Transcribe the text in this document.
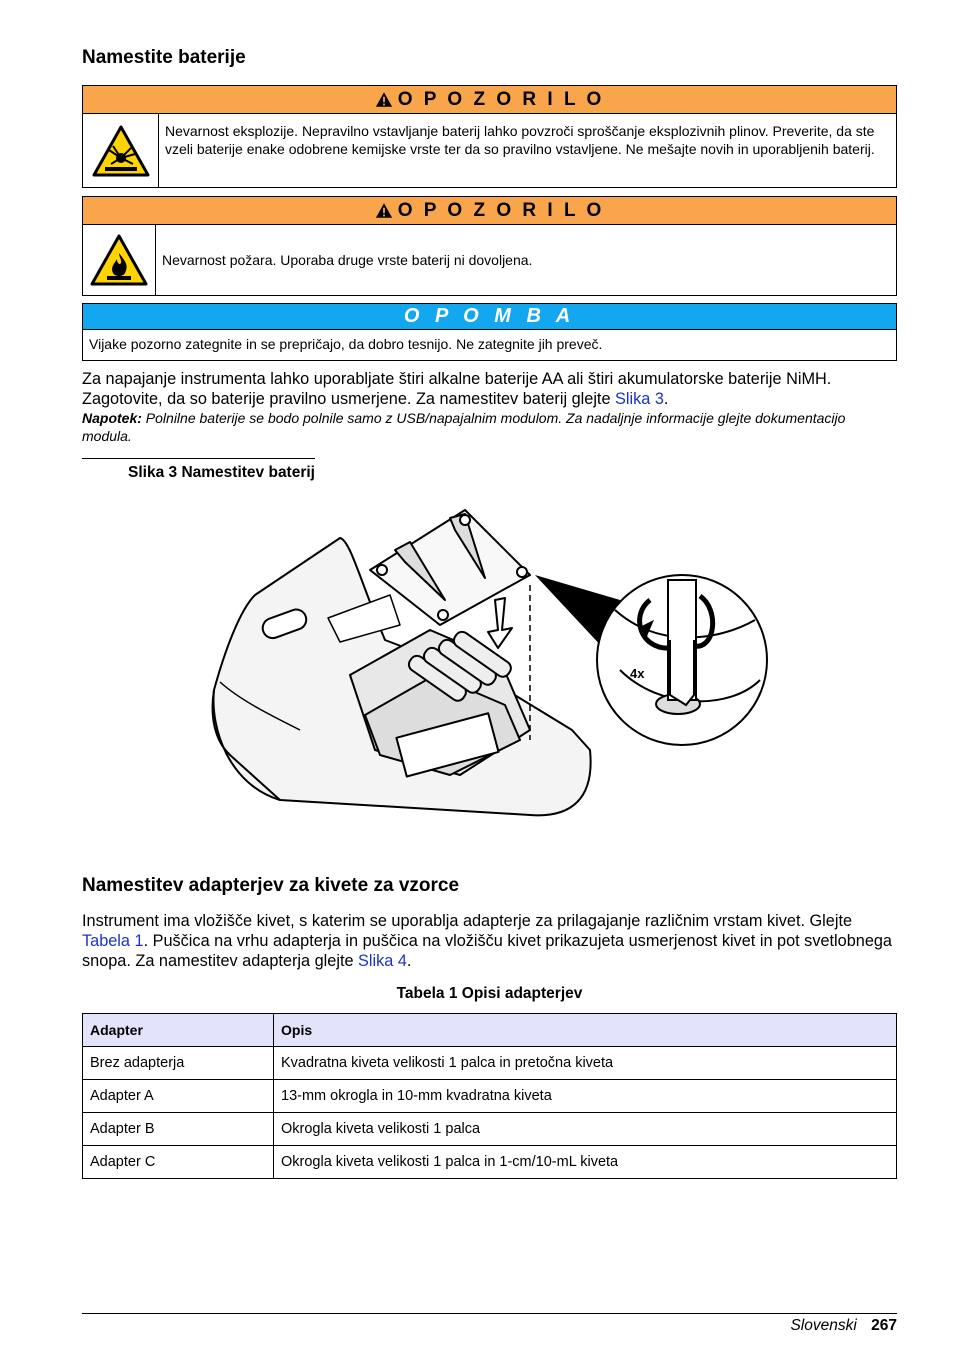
Namestite baterije
O P O Z O R I L O
Nevarnost eksplozije. Nepravilno vstavljanje baterij lahko povzroči sproščanje eksplozivnih plinov. Preverite, da ste vzeli baterije enake odobrene kemijske vrste ter da so pravilno vstavljene. Ne mešajte novih in uporabljenih baterij.
O P O Z O R I L O
Nevarnost požara. Uporaba druge vrste baterij ni dovoljena.
O P O M B A
Vijake pozorno zategnite in se prepričajo, da dobro tesnijo. Ne zategnite jih preveč.
Za napajanje instrumenta lahko uporabljate štiri alkalne baterije AA ali štiri akumulatorske baterije NiMH. Zagotovite, da so baterije pravilno usmerjene. Za namestitev baterij glejte Slika 3.
Napotek: Polnilne baterije se bodo polnile samo z USB/napajalnim modulom. Za nadaljnje informacije glejte dokumentacijo modula.
Slika 3 Namestitev baterij
4x
Namestitev adapterjev za kivete za vzorce
Instrument ima vložišče kivet, s katerim se uporablja adapterje za prilagajanje različnim vrstam kivet. Glejte Tabela 1. Puščica na vrhu adapterja in puščica na vložišču kivet prikazujeta usmerjenost kivet in pot svetlobnega snopa. Za namestitev adapterja glejte Slika 4.
Tabela 1 Opisi adapterjev
Adapter	Opis
Brez adapterja	Kvadratna kiveta velikosti 1 palca in pretočna kiveta
Adapter A	13-mm okrogla in 10-mm kvadratna kiveta
Adapter B	Okrogla kiveta velikosti 1 palca
Adapter C	Okrogla kiveta velikosti 1 palca in 1-cm/10-mL kiveta
Slovenski 267
